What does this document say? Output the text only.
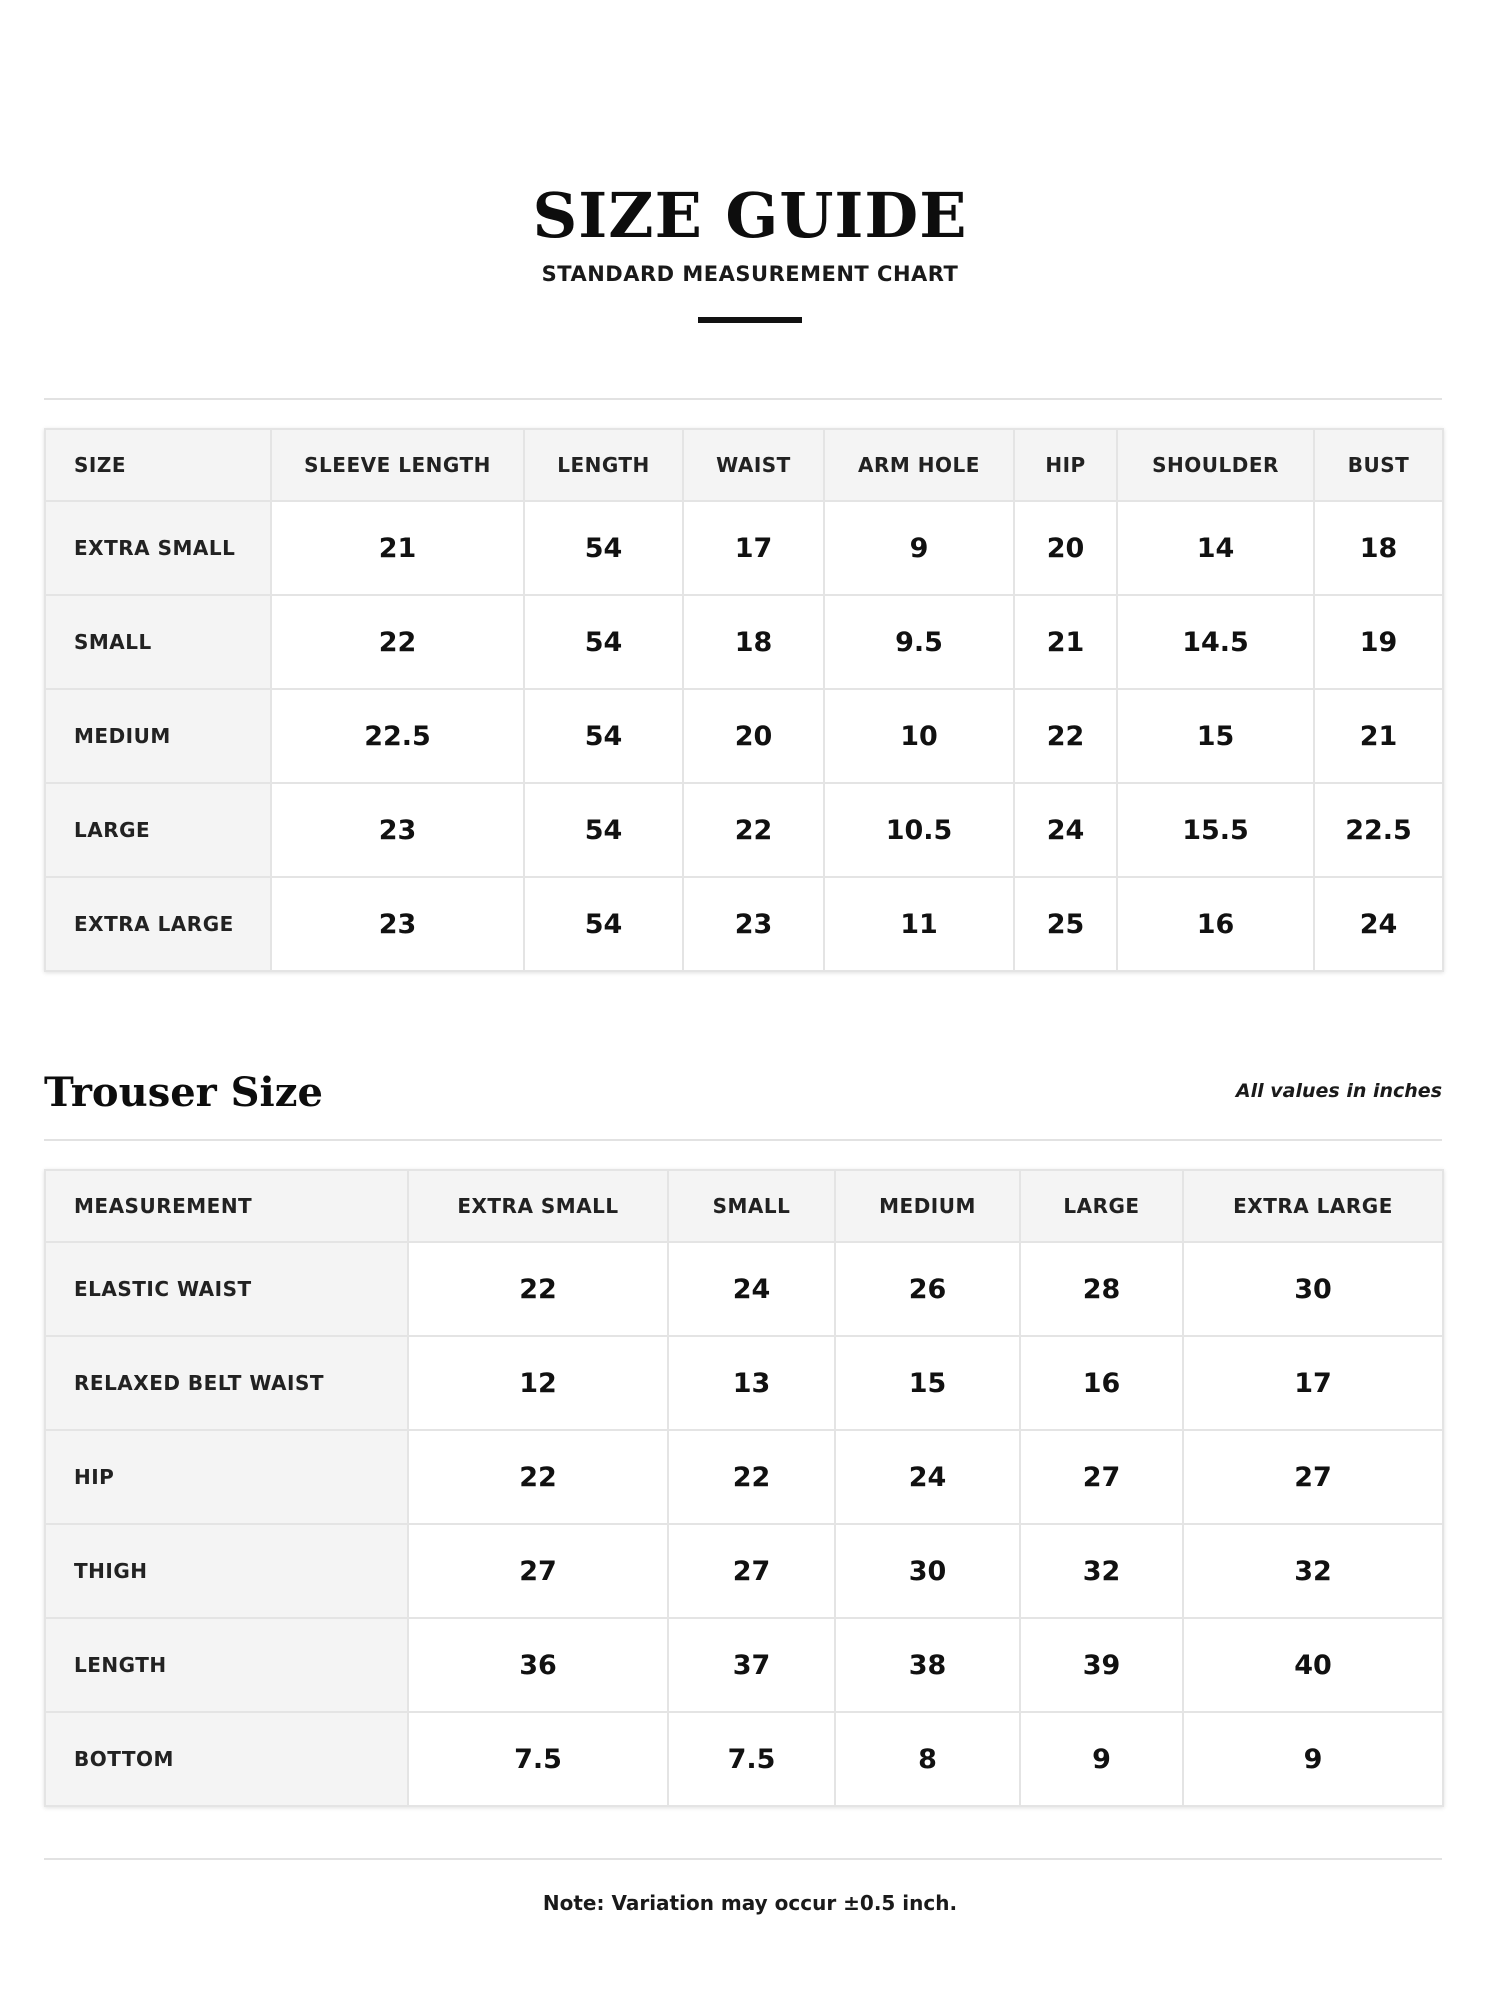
SIZE GUIDE
STANDARD MEASUREMENT CHART
SIZE	SLEEVE LENGTH	LENGTH	WAIST	ARM HOLE	HIP	SHOULDER	BUST
EXTRA SMALL	21	54	17	9	20	14	18
SMALL	22	54	18	9.5	21	14.5	19
MEDIUM	22.5	54	20	10	22	15	21
LARGE	23	54	22	10.5	24	15.5	22.5
EXTRA LARGE	23	54	23	11	25	16	24
Trouser Size	All values in inches
MEASUREMENT	EXTRA SMALL	SMALL	MEDIUM	LARGE	EXTRA LARGE
ELASTIC WAIST	22	24	26	28	30
RELAXED BELT WAIST	12	13	15	16	17
HIP	22	22	24	27	27
THIGH	27	27	30	32	32
LENGTH	36	37	38	39	40
BOTTOM	7.5	7.5	8	9	9
Note: Variation may occur ±0.5 inch.
